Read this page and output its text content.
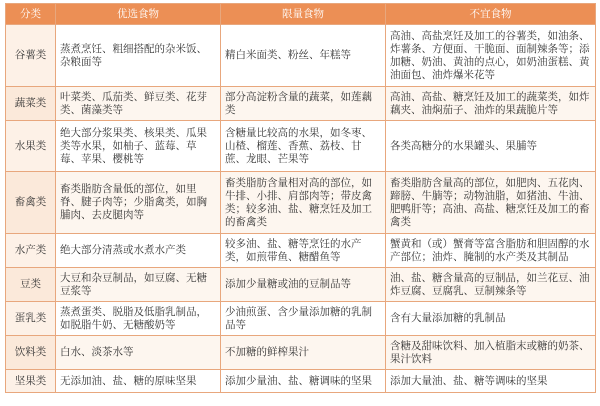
分类	优选食物	限量食物	不宜食物
谷薯类	蒸煮烹饪、粗细搭配的杂米饭、杂粮面等	精白米面类、粉丝、年糕等	高油、高盐烹饪及加工的谷薯类，如油条、炸薯条、方便面、干脆面、面制辣条等；添加糖、奶油、黄油的点心，如奶油蛋糕、黄油面包、油炸爆米花等
蔬菜类	叶菜类、瓜茄类、鲜豆类、花芽类、菌藻类等	部分高淀粉含量的蔬菜，如莲藕类	高油、高盐、糖烹饪及加工的蔬菜类，如炸藕夹、油焖茄子、油炸的果蔬脆片等
水果类	绝大部分浆果类、核果类、瓜果类等水果，如柚子、蓝莓、草莓、苹果、樱桃等	含糖量比较高的水果，如冬枣、山楂、榴莲、香蕉、荔枝、甘蔗、龙眼、芒果等	各类高糖分的水果罐头、果脯等
畜禽类	畜类脂肪含量低的部位，如里脊、腱子肉等；少脂禽类，如胸脯肉、去皮腿肉等	畜类脂肪含量相对高的部位，如牛排、小排、肩部肉等；带皮禽类；较多油、盐、糖烹饪及加工的畜禽类	畜类脂肪含量高的部位，如肥肉、五花肉、蹄膀、牛腩等；动物油脂，如猪油、牛油、肥鸭肝等；高油、高盐、糖烹饪及加工的畜禽类
水产类	绝大部分清蒸或水煮水产类	较多油、盐、糖等烹饪的水产类，如煎带鱼、糖醋鱼等	蟹黄和（或）蟹膏等富含脂肪和胆固醇的水产部位；油炸、腌制的水产类及其制品
豆类	大豆和杂豆制品，如豆腐、无糖豆浆等	添加少量糖或油的豆制品等	油、盐、糖含量高的豆制品，如兰花豆、油炸豆腐、豆腐乳、豆制辣条等
蛋乳类	蒸煮蛋类、脱脂及低脂乳制品，如脱脂牛奶、无糖酸奶等	少油煎蛋、含少量添加糖的乳制品等	含有大量添加糖的乳制品
饮料类	白水、淡茶水等	不加糖的鲜榨果汁	含糖及甜味饮料、加入植脂末或糖的奶茶、果汁饮料
坚果类	无添加油、盐、糖的原味坚果	添加少量油、盐、糖调味的坚果	添加大量油、盐、糖等调味的坚果
